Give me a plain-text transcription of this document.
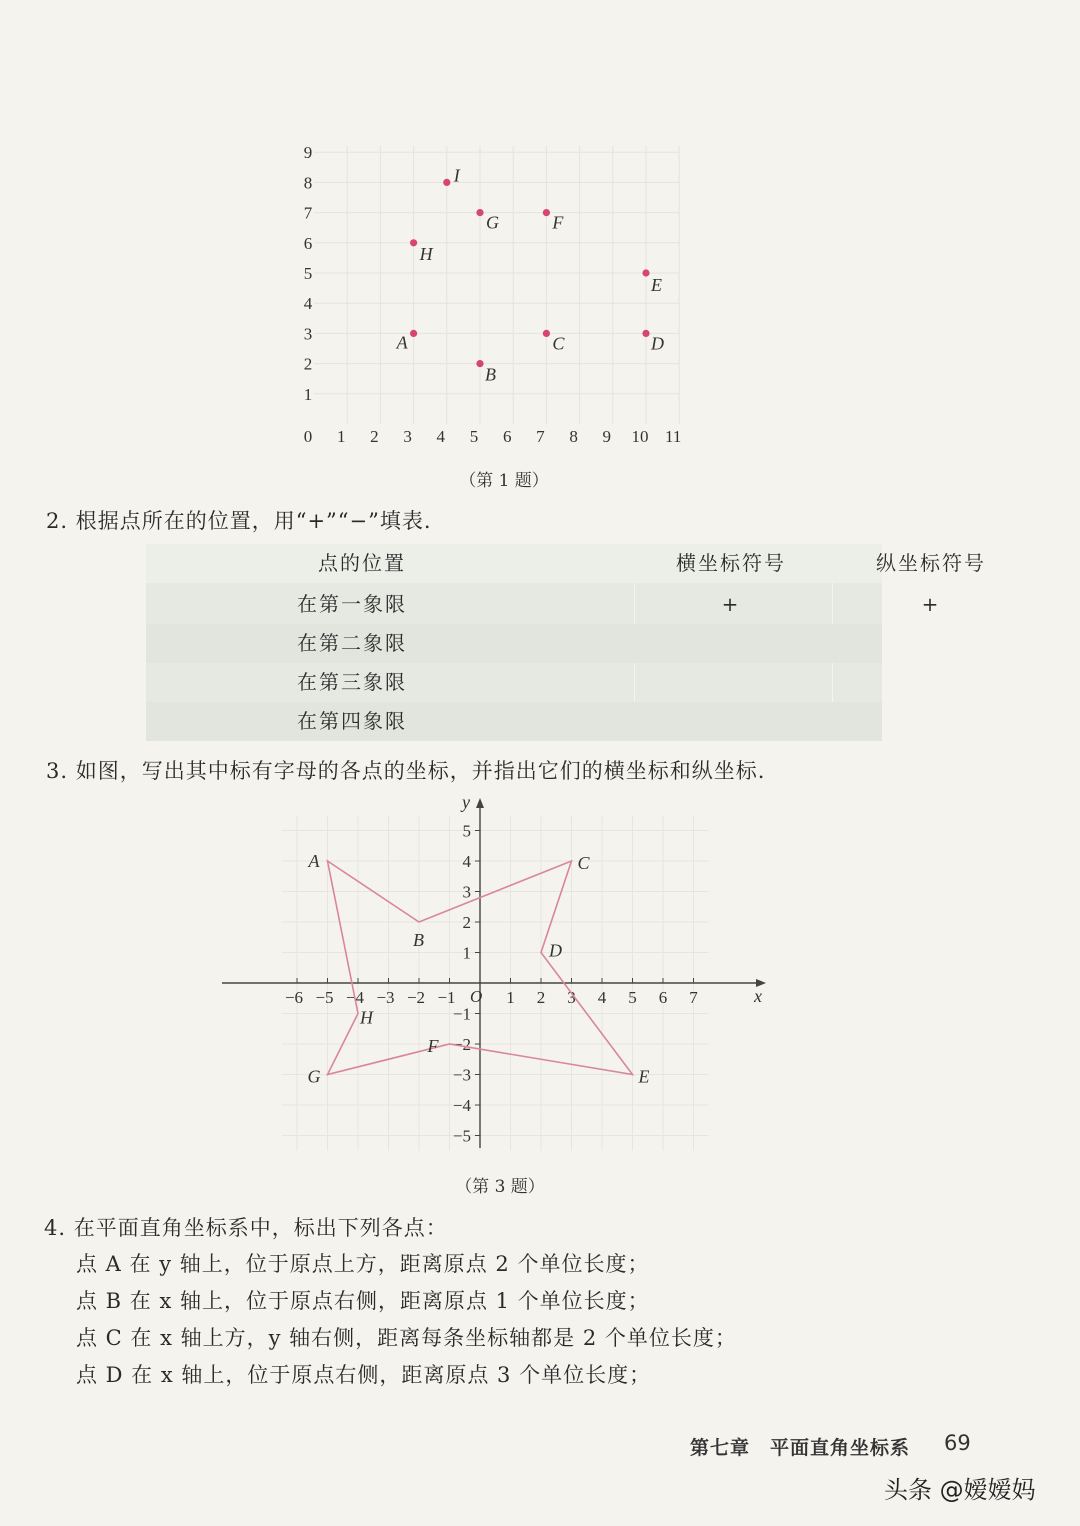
0 1 2 3 4 5 6 7 8 9 10 11
1
2
3
4
5
6
7
8
9
A
B
C	D
E
F
G
H
I
（第 1 题）
2. 根据点所在的位置，用“+”“−”填表.
点的位置	横坐标符号	纵坐标符号
在第一象限	+	+
在第二象限
在第三象限
在第四象限
3. 如图，写出其中标有字母的各点的坐标，并指出它们的横坐标和纵坐标.
x
y
O
−6 −5 −4 −3 −2 −1	1 2 3 4 5 6 7
−5
−4
−3
−2
−1
1
2
3
4
5
A
B
C
D
E
F
G
H
（第 3 题）
4. 在平面直角坐标系中，标出下列各点：
点 A 在 y 轴上，位于原点上方，距离原点 2 个单位长度；
点 B 在 x 轴上，位于原点右侧，距离原点 1 个单位长度；
点 C 在 x 轴上方，y 轴右侧，距离每条坐标轴都是 2 个单位长度；
点 D 在 x 轴上，位于原点右侧，距离原点 3 个单位长度；
第七章　平面直角坐标系 69
头条 @嫒嫒妈
